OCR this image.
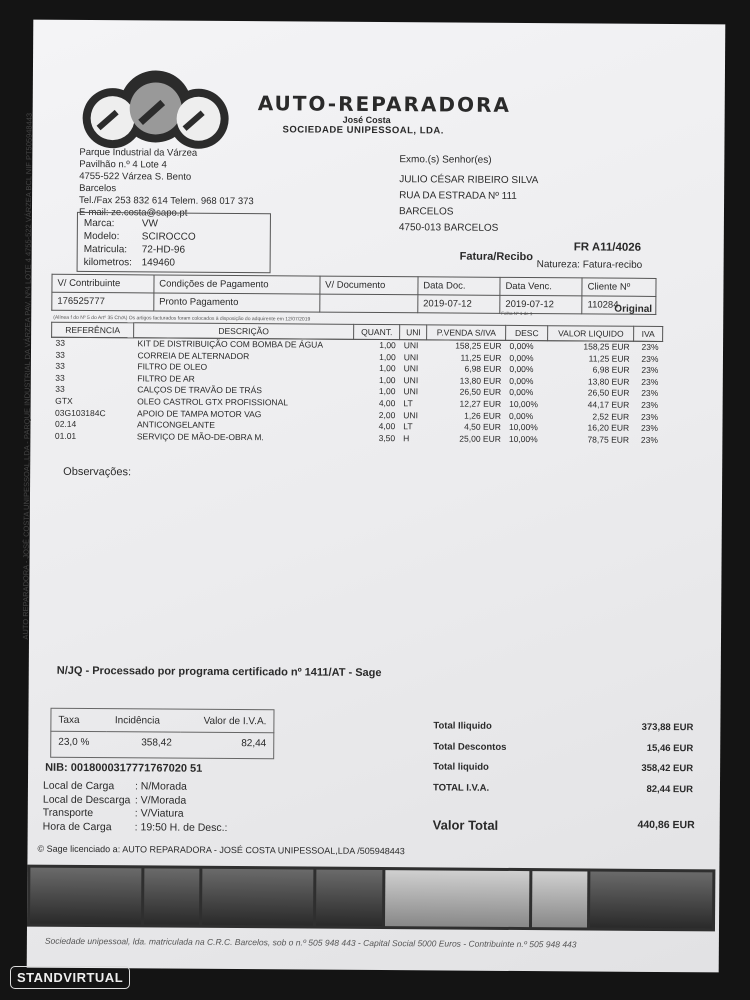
AUTO-REPARADORA
José Costa
SOCIEDADE UNIPESSOAL, LDA.
Parque Industrial da Várzea
Pavilhão n.º 4 Lote 4
4755-522 Várzea S. Bento
Barcelos
Tel./Fax 253 832 614 Telem. 968 017 373
E-mail: ze.costa@sapo.pt
AUTO REPARADORA - JOSÉ COSTA UNIPESSOAL,LDA - PARQUE INDUSTRIAL DA VÁRZEA PAV. Nº4 LOTE 4 4755-522 VÁRZEA BCL NIF PT505948443	Exmo.(s) Senhor(es)
JULIO CÉSAR RIBEIRO SILVA
RUA DA ESTRADA Nº 111
BARCELOS
4750-013 BARCELOS
Marca:	VW
Modelo: SCIROCCO
Matricula: 72-HD-96
kilometros: 149460	Fatura/Recibo
FR A11/4026
Natureza: Fatura-recibo
V/ Contribuinte	Condições de Pagamento	V/ Documento	Data Doc.	Data Venc.	Cliente Nº
176525777	Pronto Pagamento		2019-07-12	2019-07-12	110284
Original
Folha Nº 1 de 1
(Alínea f do Nº 5 do Artº 35 CIVA) Os artigos facturados foram colocados à disposição do adquirente em 12/07/2019
REFERÊNCIA	DESCRIÇÃO	QUANT.	UNI	P.VENDA S/IVA	DESC	VALOR LIQUIDO	IVA
33	KIT DE DISTRIBUIÇÃO COM BOMBA DE ÁGUA	1,00	UNI	158,25 EUR	0,00%	158,25 EUR	23%
33	CORREIA DE ALTERNADOR	1,00	UNI	11,25 EUR	0,00%	11,25 EUR	23%
33	FILTRO DE OLEO	1,00	UNI	6,98 EUR	0,00%	6,98 EUR	23%
33	FILTRO DE AR	1,00	UNI	13,80 EUR	0,00%	13,80 EUR	23%
33	CALÇOS DE TRAVÃO DE TRÁS	1,00	UNI	26,50 EUR	0,00%	26,50 EUR	23%
GTX	OLEO CASTROL GTX PROFISSIONAL	4,00	LT	12,27 EUR	10,00%	44,17 EUR	23%
03G103184C	APOIO DE TAMPA MOTOR VAG	2,00	UNI	1,26 EUR	0,00%	2,52 EUR	23%
02.14	ANTICONGELANTE	4,00	LT	4,50 EUR	10,00%	16,20 EUR	23%
01.01	SERVIÇO DE MÃO-DE-OBRA M.	3,50	H	25,00 EUR	10,00%	78,75 EUR	23%
Observações:
N/JQ - Processado por programa certificado nº 1411/AT - Sage
Taxa	Incidência	Valor de I.V.A.
23,0 %	358,42	82,44
NIB: 0018000317771767020 51
Local de Carga : N/Morada
Local de Descarga : V/Morada
Transporte	: V/Viatura
Hora de Carga : 19:50 H. de Desc.:
Total Iliquido	373,88 EUR
Total Descontos	15,46 EUR
Total liquido	358,42 EUR
TOTAL I.V.A.	82,44 EUR
Valor Total	440,86 EUR
© Sage licenciado a: AUTO REPARADORA - JOSÉ COSTA UNIPESSOAL,LDA /505948443
Sociedade unipessoal, lda. matriculada na C.R.C. Barcelos, sob o n.º 505 948 443 - Capital Social 5000 Euros - Contribuinte n.º 505 948 443
STANDVIRTUAL
